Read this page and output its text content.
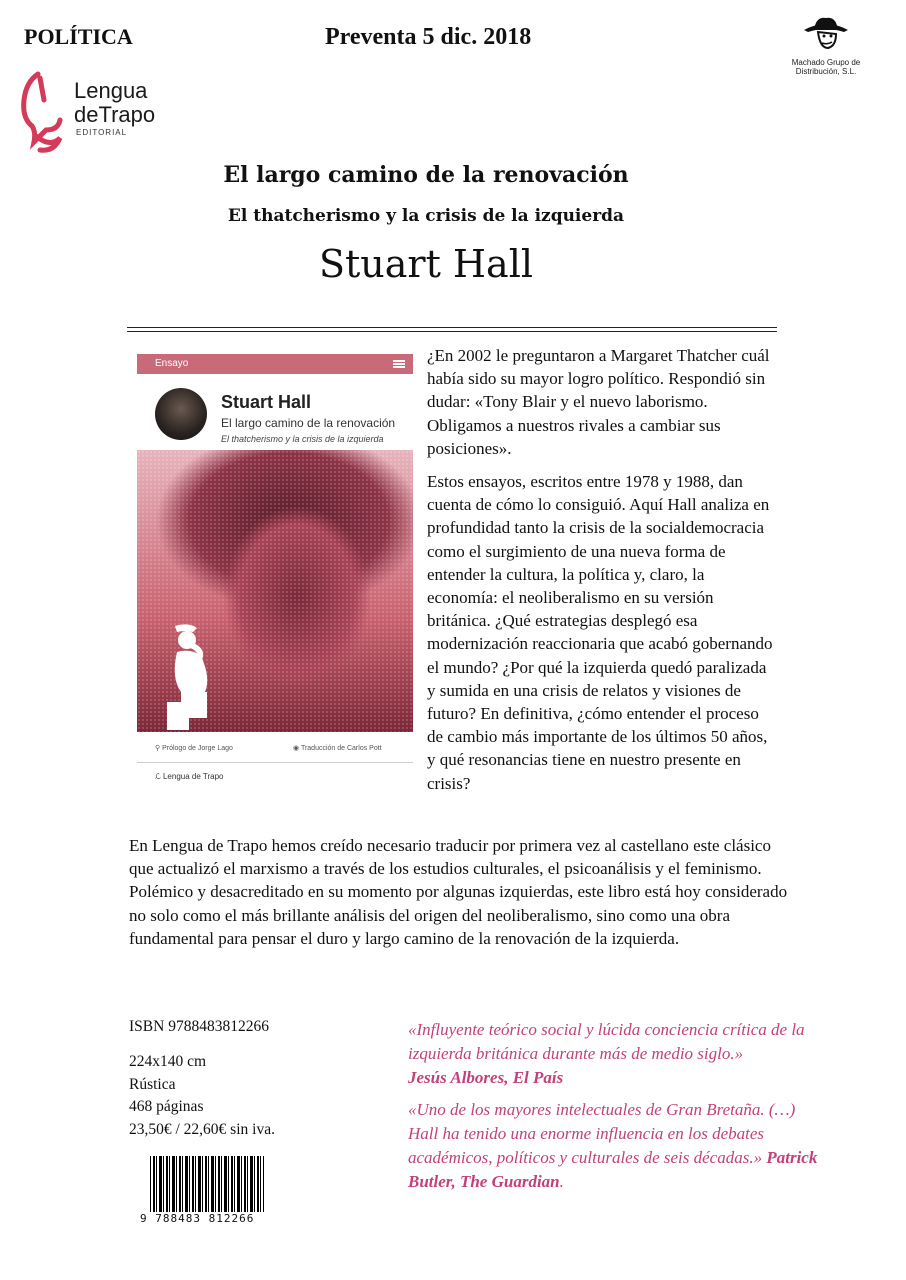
POLÍTICA	Preventa 5 dic. 2018
Machado Grupo de Distribución, S.L.
Lengua
deTrapo
EDITORIAL
El largo camino de la renovación
El thatcherismo y la crisis de la izquierda
Stuart Hall
Ensayo
Stuart Hall
El largo camino de la renovación
El thatcherismo y la crisis de la izquierda
⚲ Prólogo de Jorge Lago	◉ Traducción de Carlos Pott
ℒ Lengua de Trapo

¿En 2002 le preguntaron a Margaret Thatcher cuál había sido su mayor logro político. Respondió sin dudar: «Tony Blair y el nuevo laborismo. Obligamos a nuestros rivales a cambiar sus posiciones».

Estos ensayos, escritos entre 1978 y 1988, dan cuenta de cómo lo consiguió. Aquí Hall analiza en profundidad tanto la crisis de la socialdemocracia como el surgimiento de una nueva forma de entender la cultura, la política y, claro, la economía: el neoliberalismo en su versión británica. ¿Qué estrategias desplegó esa modernización reaccionaria que acabó gobernando el mundo? ¿Por qué la izquierda quedó paralizada y sumida en una crisis de relatos y visiones de futuro? En definitiva, ¿cómo entender el proceso de cambio más importante de los últimos 50 años, y qué resonancias tiene en nuestro presente en crisis?

En Lengua de Trapo hemos creído necesario traducir por primera vez al castellano este clásico que actualizó el marxismo a través de los estudios culturales, el psicoanálisis y el feminismo. Polémico y desacreditado en su momento por algunas izquierdas, este libro está hoy considerado no solo como el más brillante análisis del origen del neoliberalismo, sino como una obra fundamental para pensar el duro y largo camino de la renovación de la izquierda.
ISBN 9788483812266
224x140 cm
Rústica
468 páginas
23,50€ / 22,60€ sin iva.
9 788483 812266
«Influyente teórico social y lúcida conciencia crítica de la izquierda británica durante más de medio siglo.»
Jesús Albores, El País
«Uno de los mayores intelectuales de Gran Bretaña. (…) Hall ha tenido una enorme influencia en los debates académicos, políticos y culturales de seis décadas.» Patrick Butler, The Guardian.
